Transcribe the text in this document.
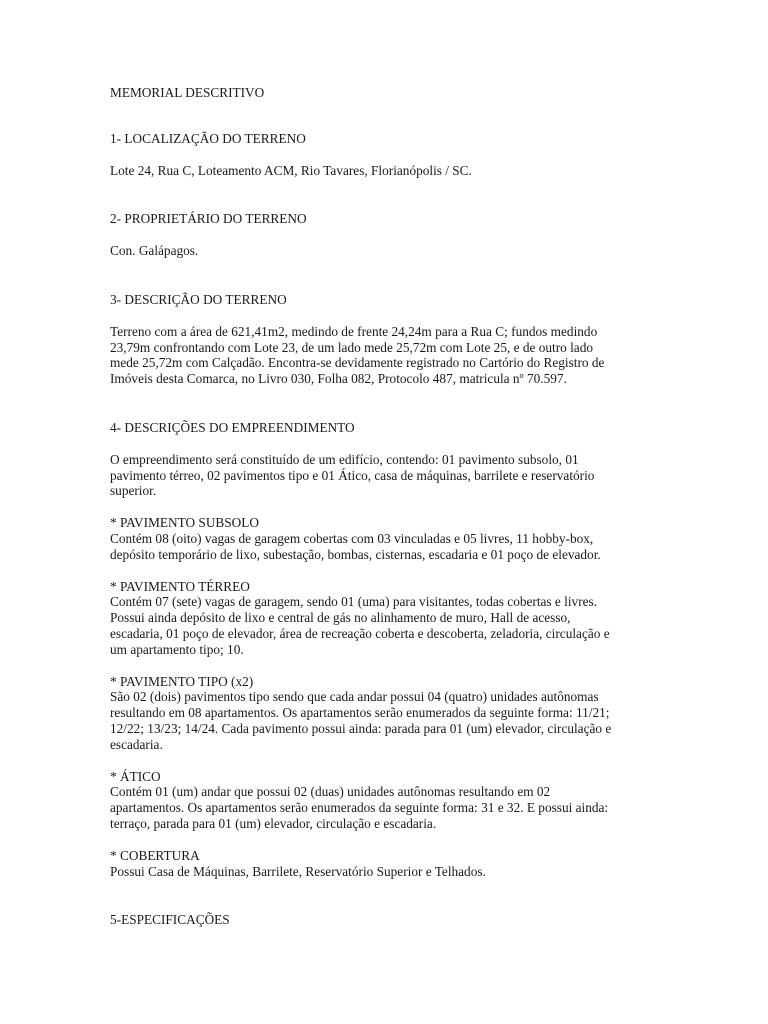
MEMORIAL DESCRITIVO
1- LOCALIZAÇÃO DO TERRENO
Lote 24, Rua C, Loteamento ACM, Rio Tavares, Florianópolis / SC.
2- PROPRIETÁRIO DO TERRENO
Con. Galápagos.
3- DESCRIÇÃO DO TERRENO
Terreno com a área de 621,41m2, medindo de frente 24,24m para a Rua C; fundos medindo
23,79m confrontando com Lote 23, de um lado mede 25,72m com Lote 25, e de outro lado
mede 25,72m com Calçadão. Encontra-se devidamente registrado no Cartório do Registro de
Imóveis desta Comarca, no Livro 030, Folha 082, Protocolo 487, matricula nº 70.597.
4- DESCRIÇÕES DO EMPREENDIMENTO
O empreendimento será constituído de um edifício, contendo: 01 pavimento subsolo, 01
pavimento térreo, 02 pavimentos tipo e 01 Ático, casa de máquinas, barrilete e reservatório
superior.
* PAVIMENTO SUBSOLO
Contém 08 (oito) vagas de garagem cobertas com 03 vinculadas e 05 livres, 11 hobby-box,
depósito temporário de lixo, subestação, bombas, cisternas, escadaria e 01 poço de elevador.
* PAVIMENTO TÉRREO
Contém 07 (sete) vagas de garagem, sendo 01 (uma) para visitantes, todas cobertas e livres.
Possui ainda depósito de lixo e central de gás no alinhamento de muro, Hall de acesso,
escadaria, 01 poço de elevador, área de recreação coberta e descoberta, zeladoria, circulação e
um apartamento tipo; 10.
* PAVIMENTO TIPO (x2)
São 02 (dois) pavimentos tipo sendo que cada andar possui 04 (quatro) unidades autônomas
resultando em 08 apartamentos. Os apartamentos serão enumerados da seguinte forma: 11/21;
12/22; 13/23; 14/24. Cada pavimento possui ainda: parada para 01 (um) elevador, circulação e
escadaria.
* ÁTICO
Contém 01 (um) andar que possui 02 (duas) unidades autônomas resultando em 02
apartamentos. Os apartamentos serão enumerados da seguinte forma: 31 e 32. E possui ainda:
terraço, parada para 01 (um) elevador, circulação e escadaria.
* COBERTURA
Possui Casa de Máquinas, Barrilete, Reservatório Superior e Telhados.
5-ESPECIFICAÇÕES
